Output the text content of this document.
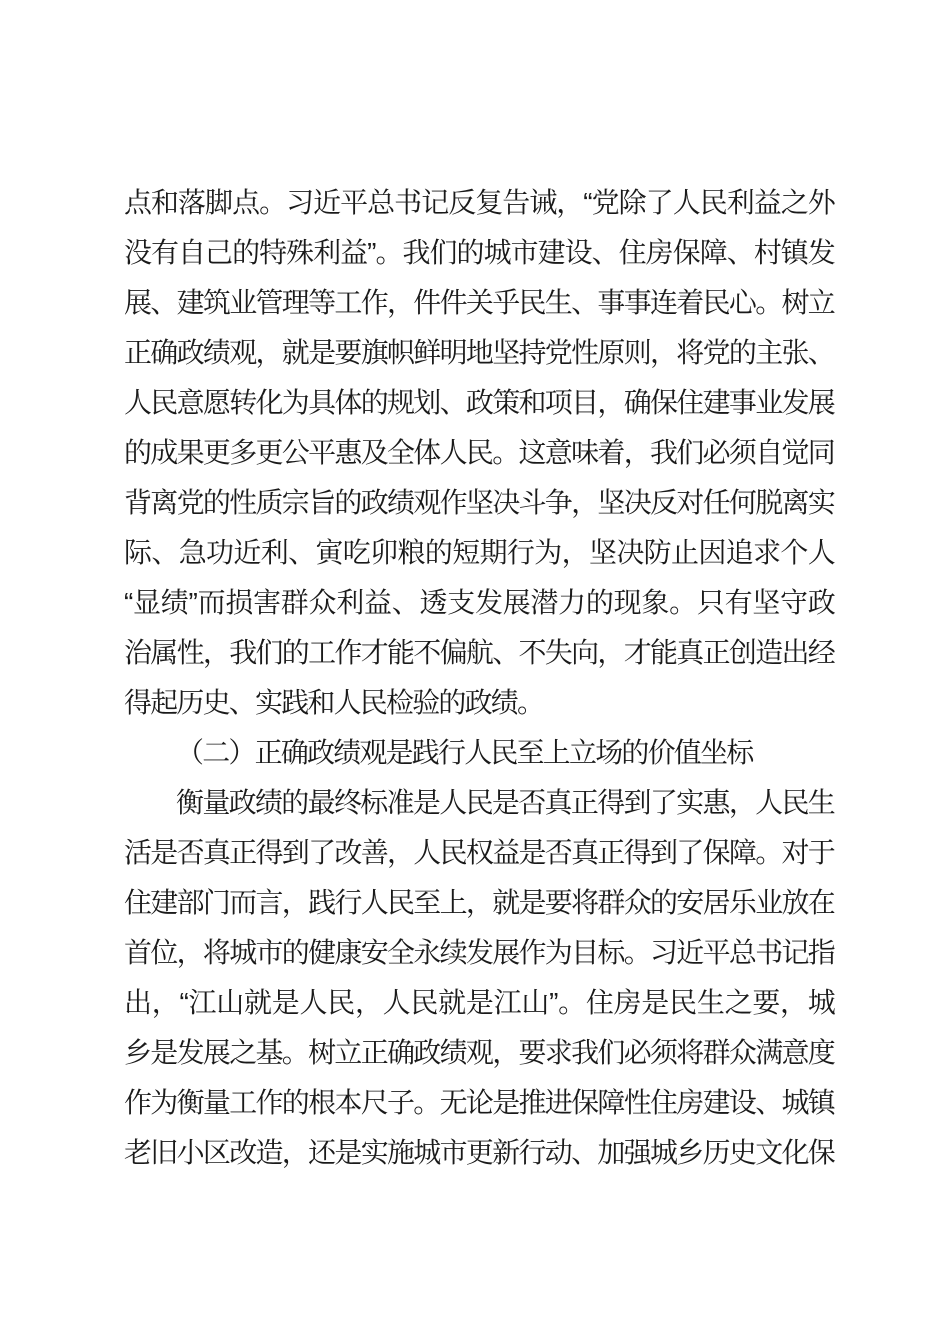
点和落脚点。习近平总书记反复告诫，“党除了人民利益之外
没有自己的特殊利益”。我们的城市建设、住房保障、村镇发
展、建筑业管理等工作，件件关乎民生、事事连着民心。树立
正确政绩观，就是要旗帜鲜明地坚持党性原则，将党的主张、
人民意愿转化为具体的规划、政策和项目，确保住建事业发展
的成果更多更公平惠及全体人民。这意味着，我们必须自觉同
背离党的性质宗旨的政绩观作坚决斗争，坚决反对任何脱离实
际、急功近利、寅吃卯粮的短期行为，坚决防止因追求个人
“显绩”而损害群众利益、透支发展潜力的现象。只有坚守政
治属性，我们的工作才能不偏航、不失向，才能真正创造出经
得起历史、实践和人民检验的政绩。
（二）正确政绩观是践行人民至上立场的价值坐标
衡量政绩的最终标准是人民是否真正得到了实惠，人民生
活是否真正得到了改善，人民权益是否真正得到了保障。对于
住建部门而言，践行人民至上，就是要将群众的安居乐业放在
首位，将城市的健康安全永续发展作为目标。习近平总书记指
出，“江山就是人民，人民就是江山”。住房是民生之要，城
乡是发展之基。树立正确政绩观，要求我们必须将群众满意度
作为衡量工作的根本尺子。无论是推进保障性住房建设、城镇
老旧小区改造，还是实施城市更新行动、加强城乡历史文化保
